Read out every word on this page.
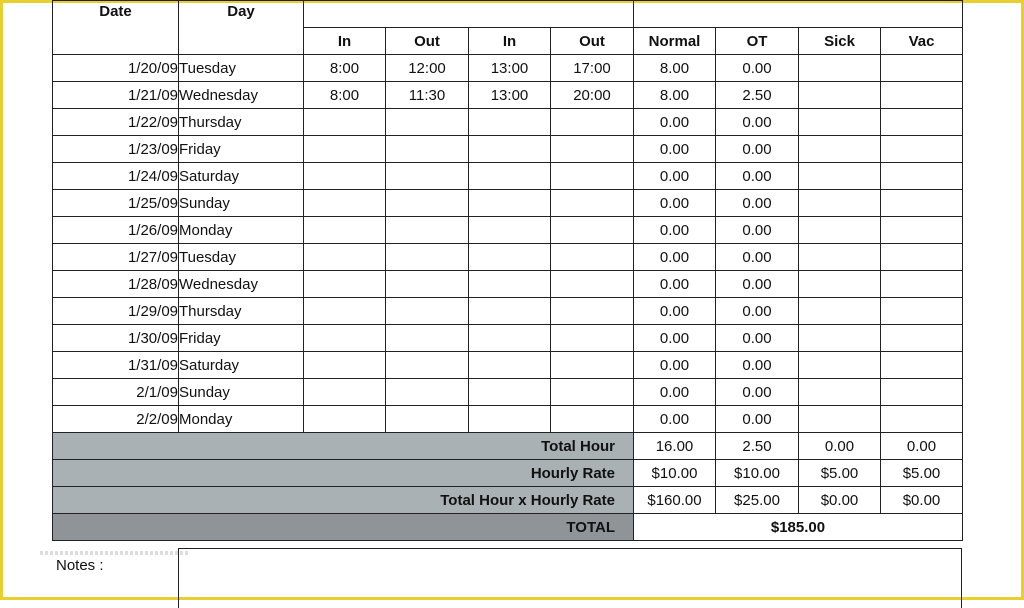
Date	Day								
		In	Out	In	Out	Normal	OT	Sick	Vac
1/20/09	Tuesday	8:00	12:00	13:00	17:00	8.00	0.00		
1/21/09	Wednesday	8:00	11:30	13:00	20:00	8.00	2.50		
1/22/09	Thursday					0.00	0.00		
1/23/09	Friday					0.00	0.00		
1/24/09	Saturday					0.00	0.00		
1/25/09	Sunday					0.00	0.00		
1/26/09	Monday					0.00	0.00		
1/27/09	Tuesday					0.00	0.00		
1/28/09	Wednesday					0.00	0.00		
1/29/09	Thursday					0.00	0.00		
1/30/09	Friday					0.00	0.00		
1/31/09	Saturday					0.00	0.00		
2/1/09	Sunday					0.00	0.00		
2/2/09	Monday					0.00	0.00		
Total Hour						16.00	2.50	0.00	0.00
Hourly Rate						$10.00	$10.00	$5.00	$5.00
Total Hour x Hourly Rate						$160.00	$25.00	$0.00	$0.00
TOTAL						$185.00			
Notes :
